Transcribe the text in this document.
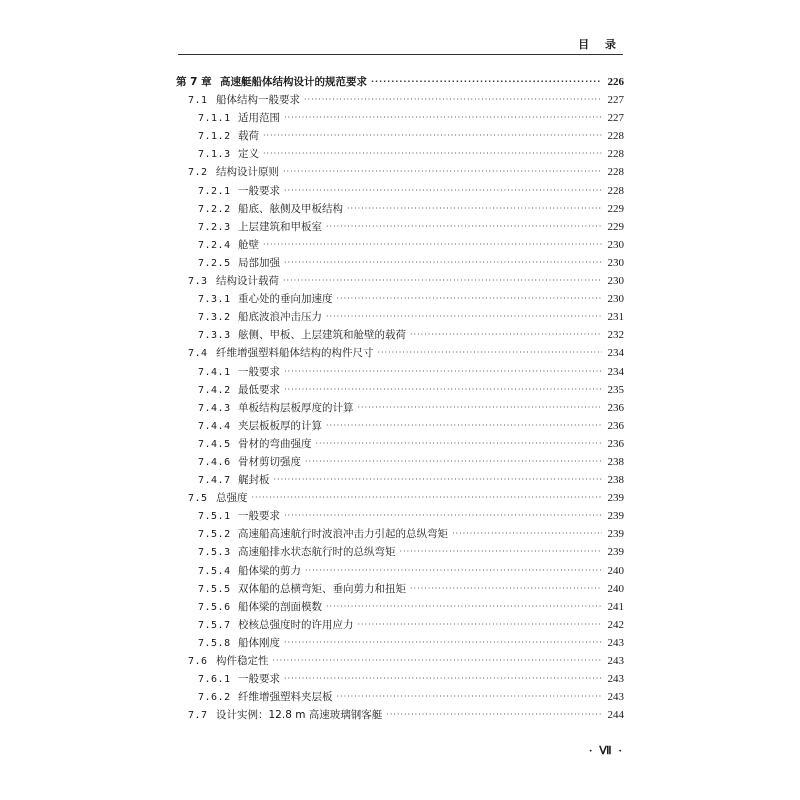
目 录
第 7 章 高速艇船体结构设计的规范要求 ·····	226
7.1 船体结构一般要求 ·····	227
7.1.1 适用范围 ·····	227
7.1.2 载荷 ·····	228
7.1.3 定义 ·····	228
7.2 结构设计原则 ·····	228
7.2.1 一般要求 ·····	228
7.2.2 船底、舷侧及甲板结构 ·····	229
7.2.3 上层建筑和甲板室 ·····	229
7.2.4 舱壁 ·····	230
7.2.5 局部加强 ·····	230
7.3 结构设计载荷 ·····	230
7.3.1 重心处的垂向加速度 ·····	230
7.3.2 船底波浪冲击压力 ·····	231
7.3.3 舷侧、甲板、上层建筑和舱壁的载荷 ·····	232
7.4 纤维增强塑料船体结构的构件尺寸 ·····	234
7.4.1 一般要求 ·····	234
7.4.2 最低要求 ·····	235
7.4.3 单板结构层板厚度的计算 ·····	236
7.4.4 夹层板板厚的计算 ·····	236
7.4.5 骨材的弯曲强度 ·····	236
7.4.6 骨材剪切强度 ·····	238
7.4.7 艉封板 ·····	238
7.5 总强度 ·····	239
7.5.1 一般要求 ·····	239
7.5.2 高速船高速航行时波浪冲击力引起的总纵弯矩 ·····	239
7.5.3 高速船排水状态航行时的总纵弯矩 ·····	239
7.5.4 船体梁的剪力 ·····	240
7.5.5 双体船的总横弯矩、垂向剪力和扭矩 ·····	240
7.5.6 船体梁的剖面模数 ·····	241
7.5.7 校核总强度时的许用应力 ·····	242
7.5.8 船体刚度 ·····	243
7.6 构件稳定性 ·····	243
7.6.1 一般要求 ·····	243
7.6.2 纤维增强塑料夹层板 ·····	243
7.7 设计实例：12.8 m 高速玻璃钢客艇 ·····	244
· Ⅶ ·
